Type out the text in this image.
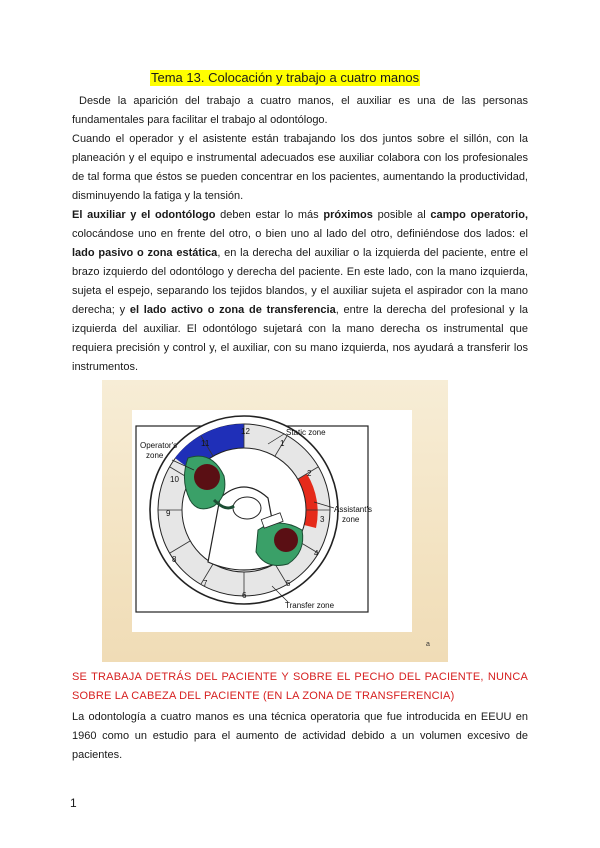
Tema 13. Colocación y trabajo a cuatro manos

Desde la aparición del trabajo a cuatro manos, el auxiliar es una de las personas fundamentales para facilitar el trabajo al odontólogo.

Cuando el operador y el asistente están trabajando los dos juntos sobre el sillón, con la planeación y el equipo e instrumental adecuados ese auxiliar colabora con los profesionales de tal forma que éstos se pueden concentrar en los pacientes, aumentando la productividad, disminuyendo la fatiga y la tensión.

El auxiliar y el odontólogo deben estar lo más próximos posible al campo operatorio, colocándose uno en frente del otro, o bien uno al lado del otro, definiéndose dos lados: el lado pasivo o zona estática, en la derecha del auxiliar o la izquierda del paciente, entre el brazo izquierdo del odontólogo y derecha del paciente. En este lado, con la mano izquierda, sujeta el espejo, separando los tejidos blandos, y el auxiliar sujeta el aspirador con la mano derecha; y el lado activo o zona de transferencia, entre la derecha del profesional y la izquierda del auxiliar. El odontólogo sujetará con la mano derecha os instrumental que requiera precisión y control y, el auxiliar, con su mano izquierda, nos ayudará a transferir los instrumentos.

12
1
2
3
4
5
6
7
8
9
10
11
Operator's
zone
Static zone
Assistant's
zone
Transfer zone
a

SE TRABAJA DETRÁS DEL PACIENTE Y SOBRE EL PECHO DEL PACIENTE, NUNCA SOBRE LA CABEZA DEL PACIENTE (EN LA ZONA DE TRANSFERENCIA)

La odontología a cuatro manos es una técnica operatoria que fue introducida en EEUU en 1960 como un estudio para el aumento de actividad debido a un volumen excesivo de pacientes.

1
